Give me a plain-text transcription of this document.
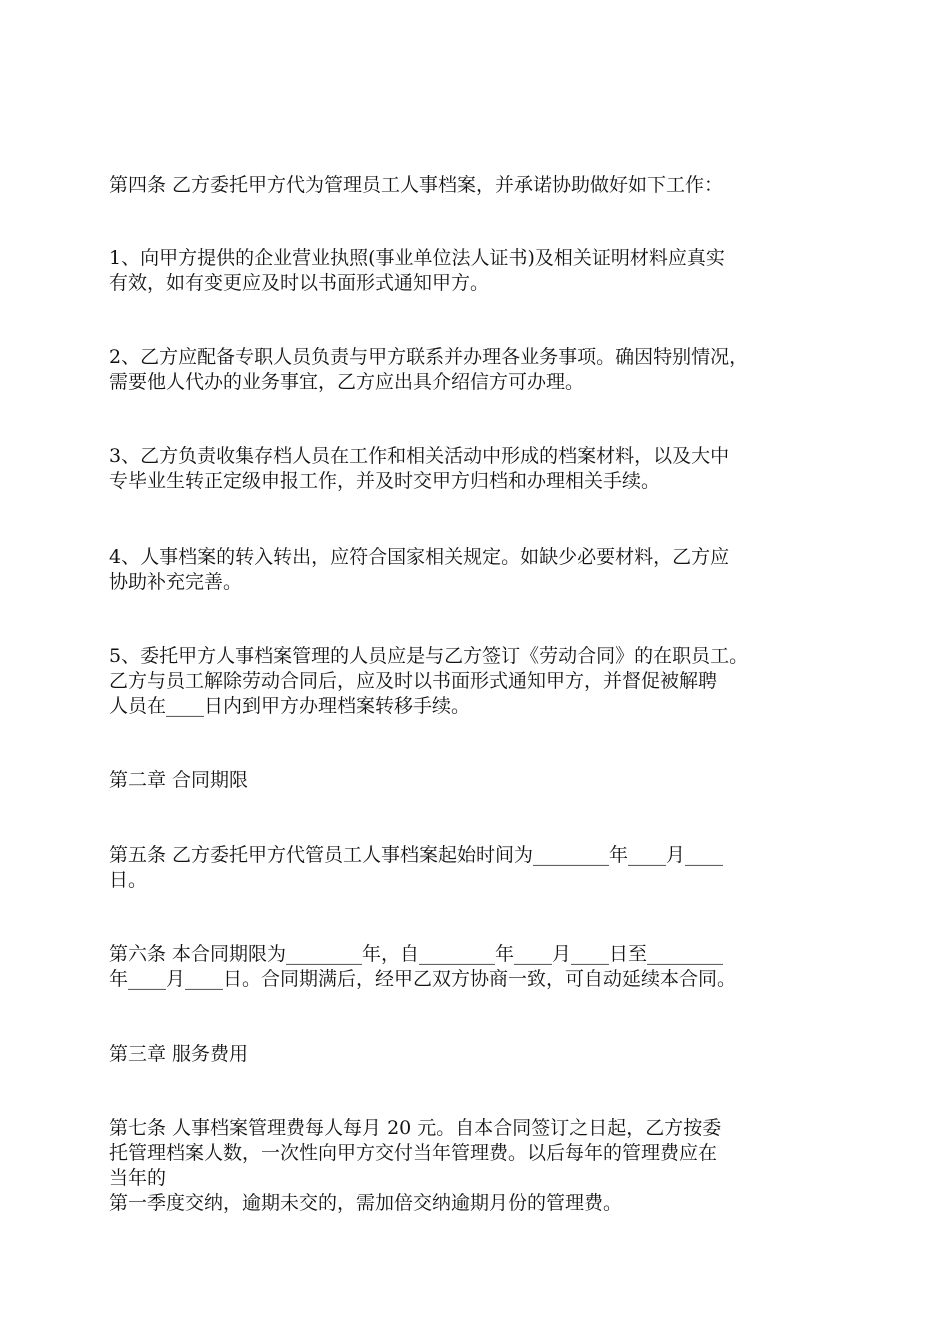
第四条 乙方委托甲方代为管理员工人事档案，并承诺协助做好如下工作：

1、向甲方提供的企业营业执照(事业单位法人证书)及相关证明材料应真实
有效，如有变更应及时以书面形式通知甲方。

2、乙方应配备专职人员负责与甲方联系并办理各业务事项。确因特别情况，
需要他人代办的业务事宜，乙方应出具介绍信方可办理。

3、乙方负责收集存档人员在工作和相关活动中形成的档案材料，以及大中
专毕业生转正定级申报工作，并及时交甲方归档和办理相关手续。

4、人事档案的转入转出，应符合国家相关规定。如缺少必要材料，乙方应
协助补充完善。

5、委托甲方人事档案管理的人员应是与乙方签订《劳动合同》的在职员工。
乙方与员工解除劳动合同后，应及时以书面形式通知甲方，并督促被解聘
人员在____日内到甲方办理档案转移手续。

第二章 合同期限

第五条 乙方委托甲方代管员工人事档案起始时间为________年____月____
日。

第六条 本合同期限为________年，自________年____月____日至________
年____月____日。合同期满后，经甲乙双方协商一致，可自动延续本合同。

第三章 服务费用

第七条 人事档案管理费每人每月 20 元。自本合同签订之日起，乙方按委
托管理档案人数，一次性向甲方交付当年管理费。以后每年的管理费应在
当年的
第一季度交纳，逾期未交的，需加倍交纳逾期月份的管理费。
